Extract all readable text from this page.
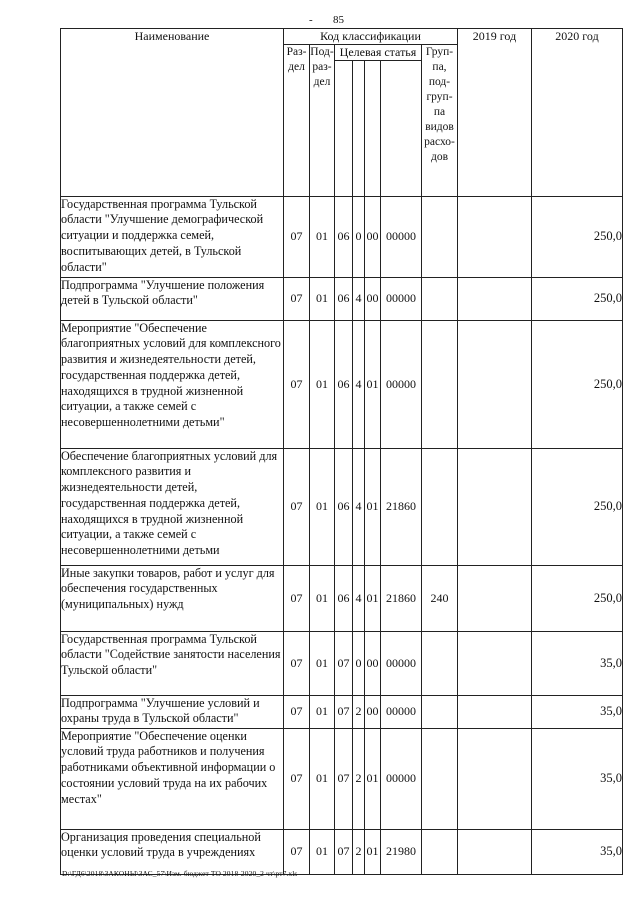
- 85
Наименование	Код классификации							2019 год	2020 год
	Раз-дел	Под-раз-дел	Целевая статья				Груп-па, под-груп-па видов расхо-дов		

Государственная программа Тульской области "Улучшение демографической ситуации и поддержка семей, воспитывающих детей, в Тульской области"	07	01	06	0	00	00000			250,0
Подпрограмма "Улучшение положения детей в Тульской области"	07	01	06	4	00	00000			250,0
Мероприятие "Обеспечение благоприятных условий для комплексного развития и жизнедеятельности детей, государственная поддержка детей, находящихся в трудной жизненной ситуации, а также семей с несовершеннолетними детьми"	07	01	06	4	01	00000			250,0
Обеспечение благоприятных условий для комплексного развития и жизнедеятельности детей, государственная поддержка детей, находящихся в трудной жизненной ситуации, а также семей с несовершеннолетними детьми	07	01	06	4	01	21860			250,0
Иные закупки товаров, работ и услуг для обеспечения государственных (муниципальных) нужд	07	01	06	4	01	21860	240		250,0
Государственная программа Тульской области "Содействие занятости населения Тульской области"	07	01	07	0	00	00000			35,0
Подпрограмма "Улучшение условий и охраны труда в Тульской области"	07	01	07	2	00	00000			35,0
Мероприятие "Обеспечение оценки условий труда работников и получения работниками объективной информации о состоянии условий труда на их рабочих местах"	07	01	07	2	01	00000			35,0
Организация проведения специальной оценки условий труда в учреждениях	07	01	07	2	01	21980			35,0
D:\ГД6\2018\ЗАКОНЫ\ЗАС_57\Изм. бюджет ТО 2018-2020_2 чт\рт7.xls
